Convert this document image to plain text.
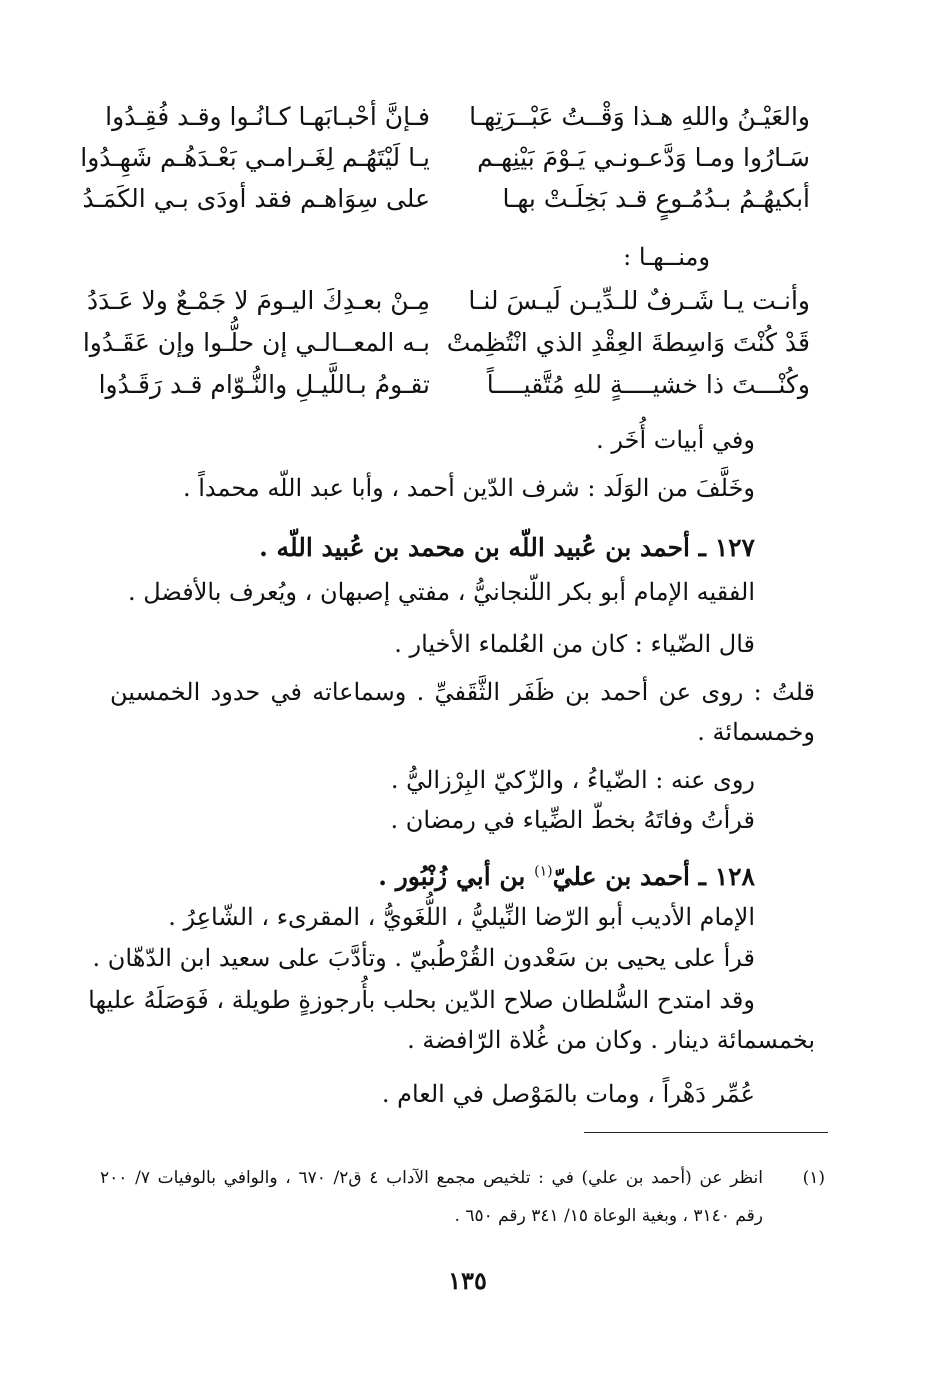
والعَيْـنُ واللهِ هـذا وَقْــتُ عَبْــرَتِهـا
فـإنَّ أحْبـابَهـا كـانُـوا وقـد فُقِـدُوا
سَـارُوا ومـا وَدَّعـونـي يَـوْمَ بَيْنِهـم
يـا لَيْتَهُـم لِغَـرامـي بَعْـدَهُـم شَهِـدُوا
أبكيهُـمُ بـدُمُـوعٍ قـد بَخِلَـتْ بهـا
على سِوَاهـم فقد أودَى بـي الكَمَـدُ
ومنــهـا :
وأنـت يـا شَـرفٌ للـدِّيـن لَيـسَ لنـا
مِـنْ بعـدِكَ اليـومَ لا جَمْـعٌ ولا عَـدَدُ
قَدْ كُنْتَ وَاسِطةَ العِقْدِ الذي انْتُظِمتْ
بـه المعــالـي إن حلُّـوا وإن عَقَـدُوا
وكُنْـــتَ ذا خشيــــةٍ للهِ مُتَّقيــــاً
تقـومُ بـاللَّيـلِ والنُّـوّام قـد رَقَـدُوا
وفي أبيات أُخَر .
وخَلَّفَ من الوَلَد : شرف الدّين أحمد ، وأبا عبد اللّه محمداً .
١٢٧ ـ أحمد بن عُبيد اللّه بن محمد بن عُبيد اللّه .
الفقيه الإمام أبو بكر اللّنجانيُّ ، مفتي إصبهان ، ويُعرف بالأفضل .
قال الضّياء : كان من العُلماء الأخيار .
قلتُ : روى عن أحمد بن ظَفَر الثَّقَفيِّ . وسماعاته في حدود الخمسين
وخمسمائة .
روى عنه : الضّياءُ ، والزّكيّ البِرْزاليُّ .
قرأتُ وفاتَهُ بخطّ الضِّياء في رمضان .
١٢٨ ـ أحمد بن عليّ$^{(١)}$ بن أبي زُنْبُور .
الإمام الأديب أبو الرّضا النِّيليُّ ، اللُّغَويُّ ، المقرىء ، الشّاعِرُ .
قرأ على يحيى بن سَعْدون القُرْطُبيّ . وتأدَّبَ على سعيد ابن الدّهّان .
وقد امتدح السُّلطان صلاح الدّين بحلب بأُرجوزةٍ طويلة ، فَوَصَلَهُ عليها
بخمسمائة دينار . وكان من غُلاة الرّافضة .
عُمِّر دَهْراً ، ومات بالمَوْصل في العام .
(١)
انظر عن (أحمد بن علي) في : تلخيص مجمع الآداب ٤ ق٢/ ٦٧٠ ، والوافي بالوفيات ٧/ ٢٠٠
رقم ٣١٤٠ ، وبغية الوعاة ١٥/ ٣٤١ رقم ٦٥٠ .
١٣٥
